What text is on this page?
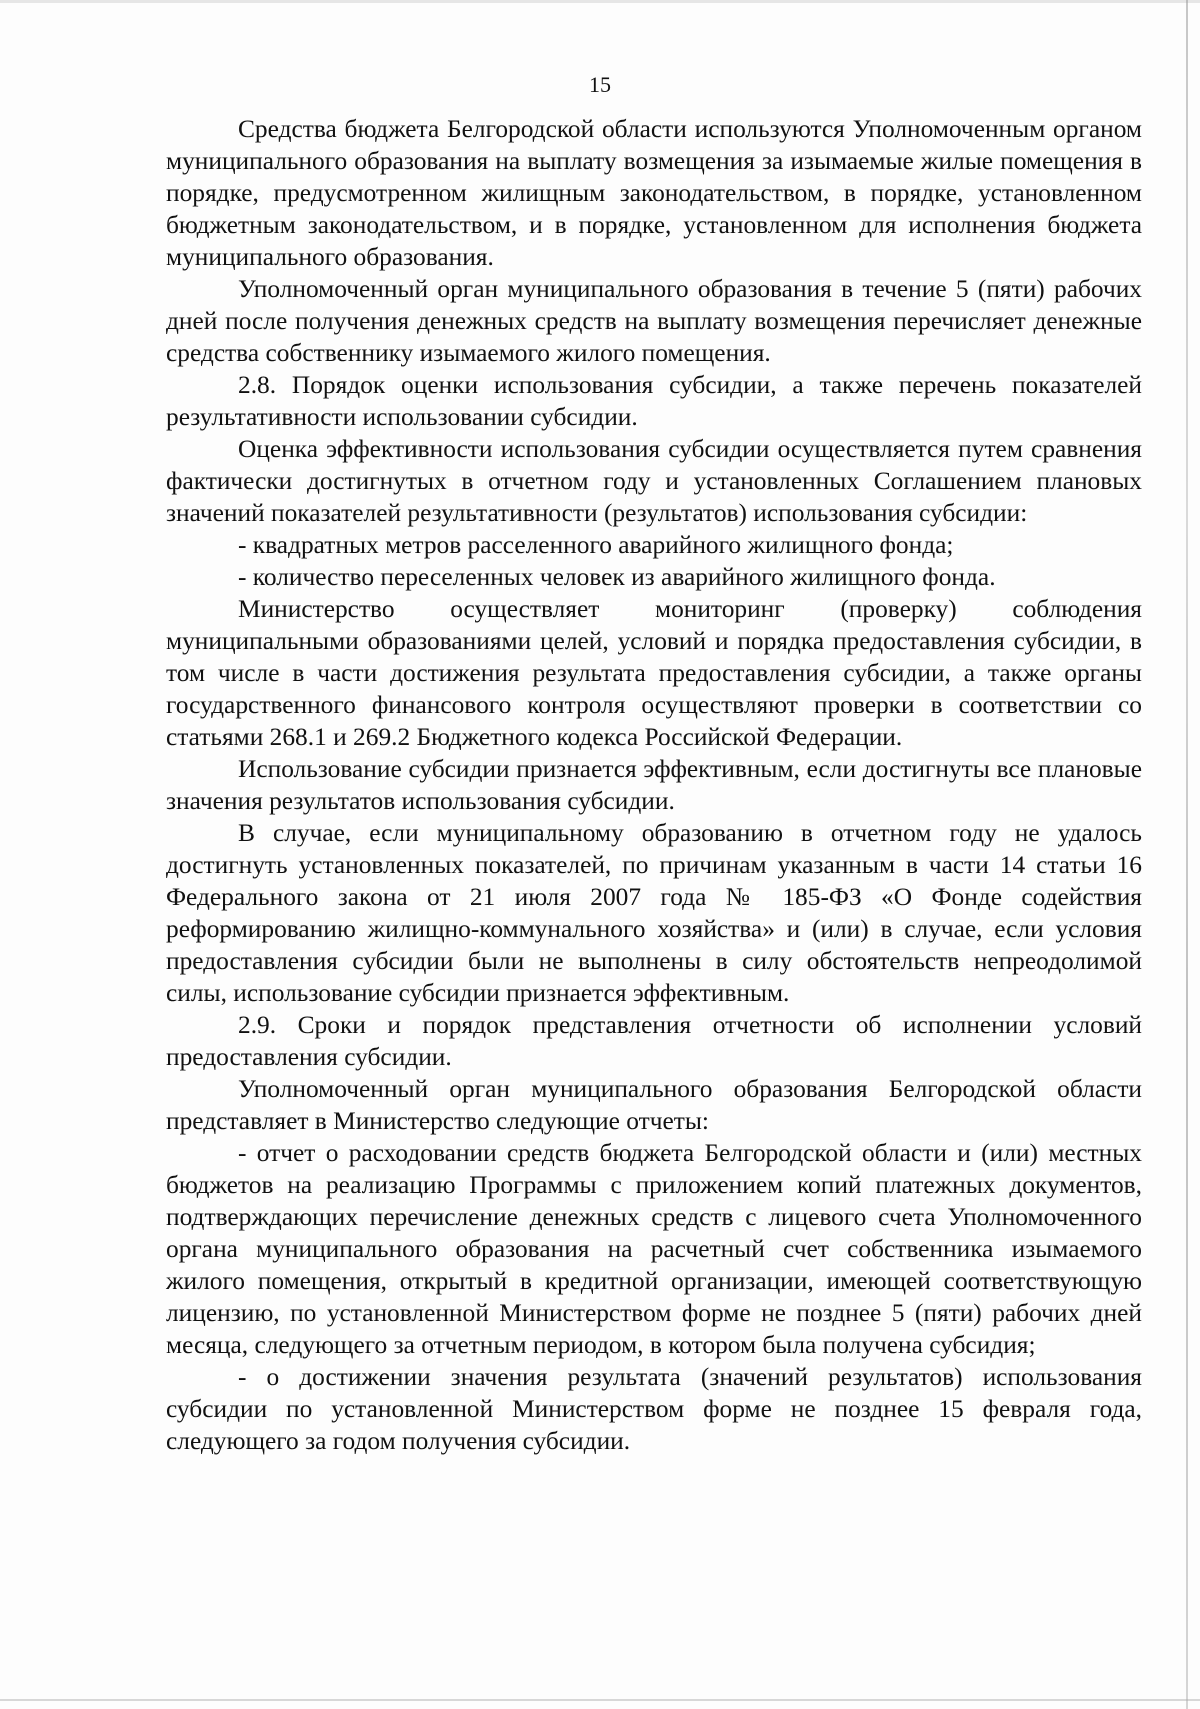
15

Средства бюджета Белгородской области используются Уполномоченным органом муниципального образования на выплату возмещения за изымаемые жилые помещения в порядке, предусмотренном жилищным законодательством, в порядке, установленном бюджетным законодательством, и в порядке, установленном для исполнения бюджета муниципального образования.

Уполномоченный орган муниципального образования в течение 5 (пяти) рабочих дней после получения денежных средств на выплату возмещения перечисляет денежные средства собственнику изымаемого жилого помещения.

2.8. Порядок оценки использования субсидии, а также перечень показателей результативности использовании субсидии.

Оценка эффективности использования субсидии осуществляется путем сравнения фактически достигнутых в отчетном году и установленных Соглашением плановых значений показателей результативности (результатов) использования субсидии:

- квадратных метров расселенного аварийного жилищного фонда;

- количество переселенных человек из аварийного жилищного фонда.

Министерство осуществляет мониторинг (проверку) соблюдения муниципальными образованиями целей, условий и порядка предоставления субсидии, в том числе в части достижения результата предоставления субсидии, а также органы государственного финансового контроля осуществляют проверки в соответствии со статьями 268.1 и 269.2 Бюджетного кодекса Российской Федерации.

Использование субсидии признается эффективным, если достигнуты все плановые значения результатов использования субсидии.

В случае, если муниципальному образованию в отчетном году не удалось достигнуть установленных показателей, по причинам указанным в части 14 статьи 16 Федерального закона от 21 июля 2007 года № 185-ФЗ «О Фонде содействия реформированию жилищно-коммунального хозяйства» и (или) в случае, если условия предоставления субсидии были не выполнены в силу обстоятельств непреодолимой силы, использование субсидии признается эффективным.

2.9. Сроки и порядок представления отчетности об исполнении условий предоставления субсидии.

Уполномоченный орган муниципального образования Белгородской области представляет в Министерство следующие отчеты:

- отчет о расходовании средств бюджета Белгородской области и (или) местных бюджетов на реализацию Программы с приложением копий платежных документов, подтверждающих перечисление денежных средств с лицевого счета Уполномоченного органа муниципального образования на расчетный счет собственника изымаемого жилого помещения, открытый в кредитной организации, имеющей соответствующую лицензию, по установленной Министерством форме не позднее 5 (пяти) рабочих дней месяца, следующего за отчетным периодом, в котором была получена субсидия;

- о достижении значения результата (значений результатов) использования субсидии по установленной Министерством форме не позднее 15 февраля года, следующего за годом получения субсидии.
